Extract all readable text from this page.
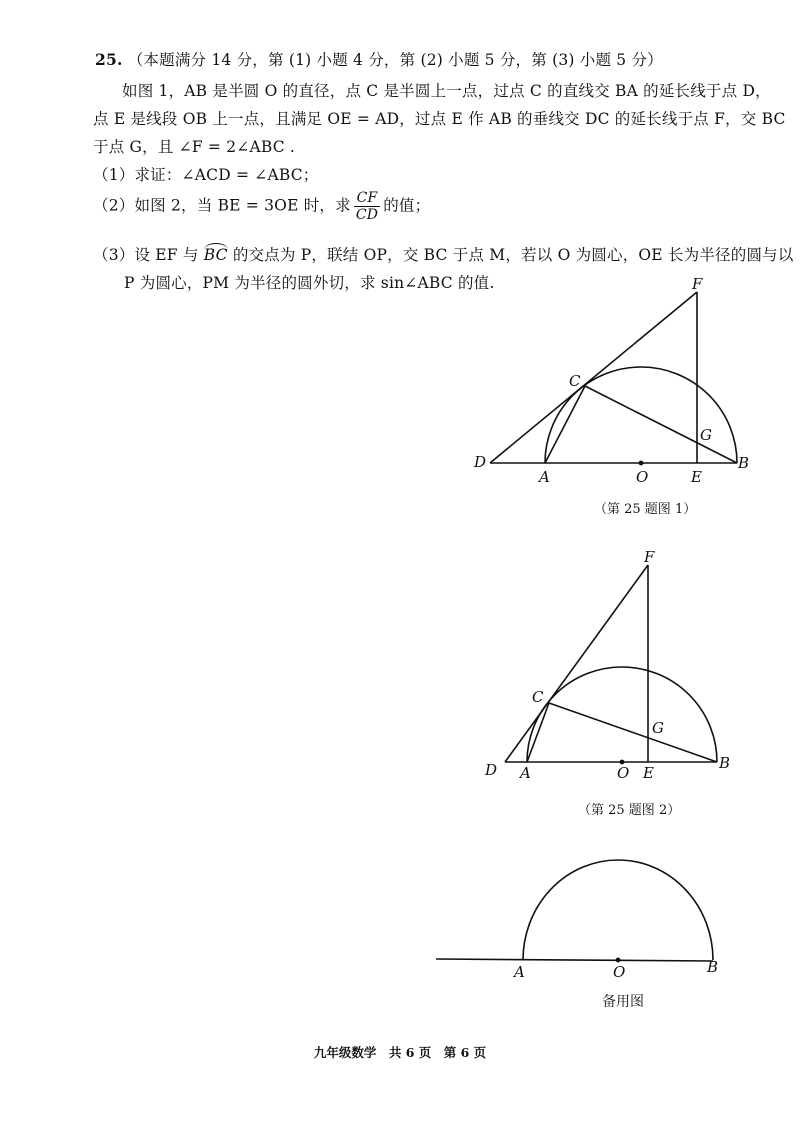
25. （本题满分 14 分，第 (1) 小题 4 分，第 (2) 小题 5 分，第 (3) 小题 5 分）
如图 1，AB 是半圆 O 的直径，点 C 是半圆上一点，过点 C 的直线交 BA 的延长线于点 D，
点 E 是线段 OB 上一点，且满足 OE = AD，过点 E 作 AB 的垂线交 DC 的延长线于点 F，交 BC
于点 G，且 ∠F = 2∠ABC .
（1）求证：∠ACD = ∠ABC；
（2）如图 2，当 BE = 3OE 时，求 $\frac{CF}{CD}$ 的值；
（3）设 EF 与 BC 的交点为 P，联结 OP，交 BC 于点 M，若以 O 为圆心，OE 长为半径的圆与以
P 为圆心，PM 为半径的圆外切，求 sin∠ABC 的值.	F
C
G
D
A	O	E
B
（第 25 题图 1）
F
C
G
D A	O E
B
（第 25 题图 2）
A	O	B
备用图
九年级数学　共 6 页　第 6 页
